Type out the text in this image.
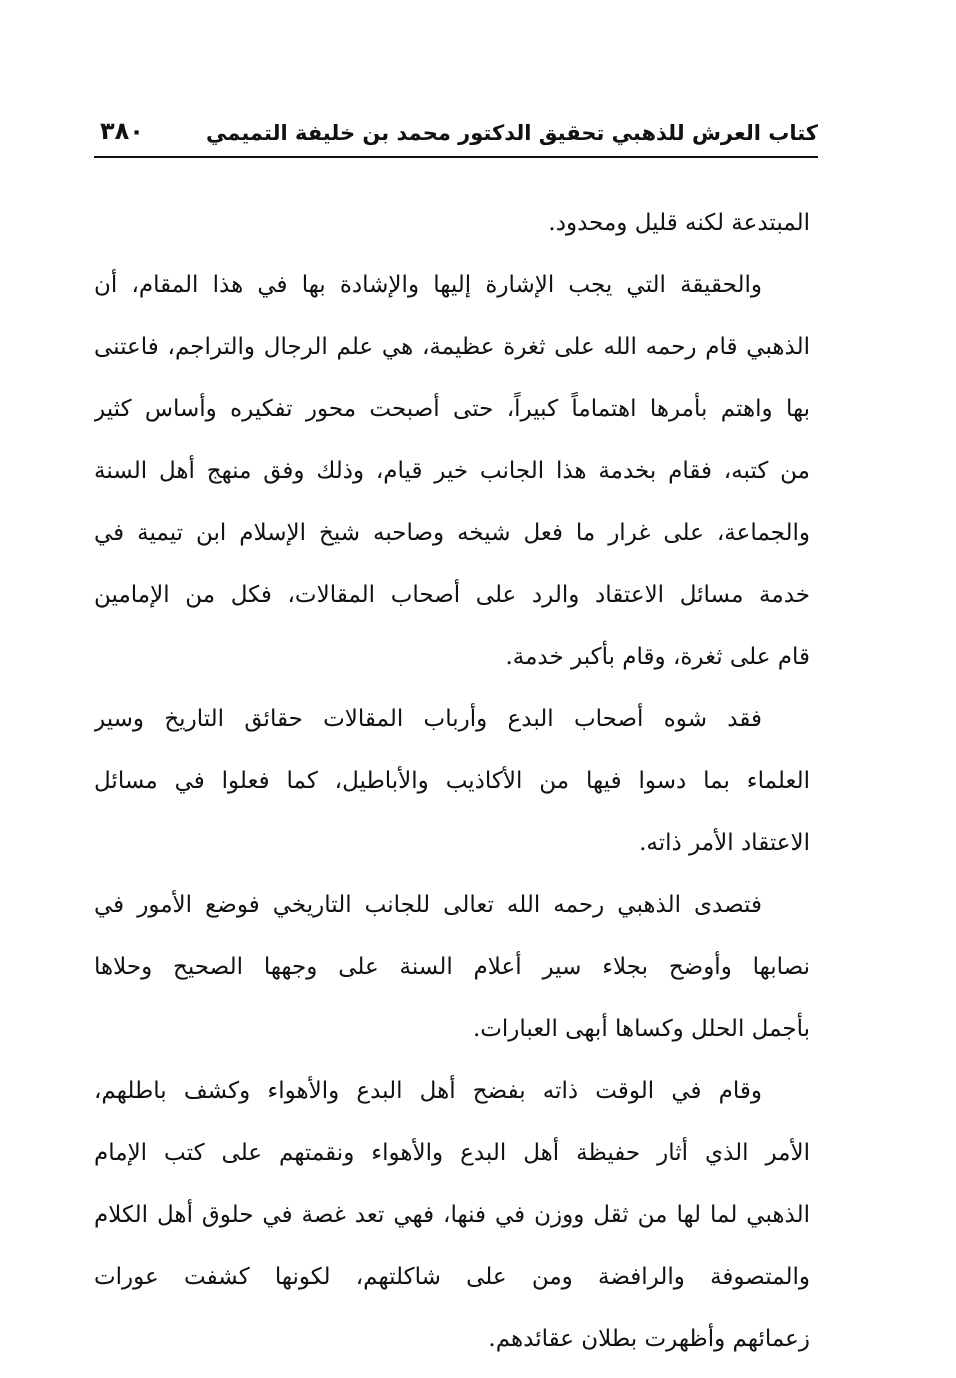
كتاب العرش للذهبي تحقيق الدكتور محمد بن خليفة التميمي
٣٨٠
المبتدعة لكنه قليل ومحدود.
والحقيقة التي يجب الإشارة إليها والإشادة بها في هذا المقام، أن
الذهبي قام رحمه الله على ثغرة عظيمة، هي علم الرجال والتراجم، فاعتنى
بها واهتم بأمرها اهتماماً كبيراً، حتى أصبحت محور تفكيره وأساس كثير
من كتبه، فقام بخدمة هذا الجانب خير قيام، وذلك وفق منهج أهل السنة
والجماعة، على غرار ما فعل شيخه وصاحبه شيخ الإسلام ابن تيمية في
خدمة مسائل الاعتقاد والرد على أصحاب المقالات، فكل من الإمامين
قام على ثغرة، وقام بأكبر خدمة.
فقد شوه أصحاب البدع وأرباب المقالات حقائق التاريخ وسير
العلماء بما دسوا فيها من الأكاذيب والأباطيل، كما فعلوا في مسائل
الاعتقاد الأمر ذاته.
فتصدى الذهبي رحمه الله تعالى للجانب التاريخي فوضع الأمور في
نصابها وأوضح بجلاء سير أعلام السنة على وجهها الصحيح وحلاها
بأجمل الحلل وكساها أبهى العبارات.
وقام في الوقت ذاته بفضح أهل البدع والأهواء وكشف باطلهم،
الأمر الذي أثار حفيظة أهل البدع والأهواء ونقمتهم على كتب الإمام
الذهبي لما لها من ثقل ووزن في فنها، فهي تعد غصة في حلوق أهل الكلام
والمتصوفة والرافضة ومن على شاكلتهم، لكونها كشفت عورات
زعمائهم وأظهرت بطلان عقائدهم.
